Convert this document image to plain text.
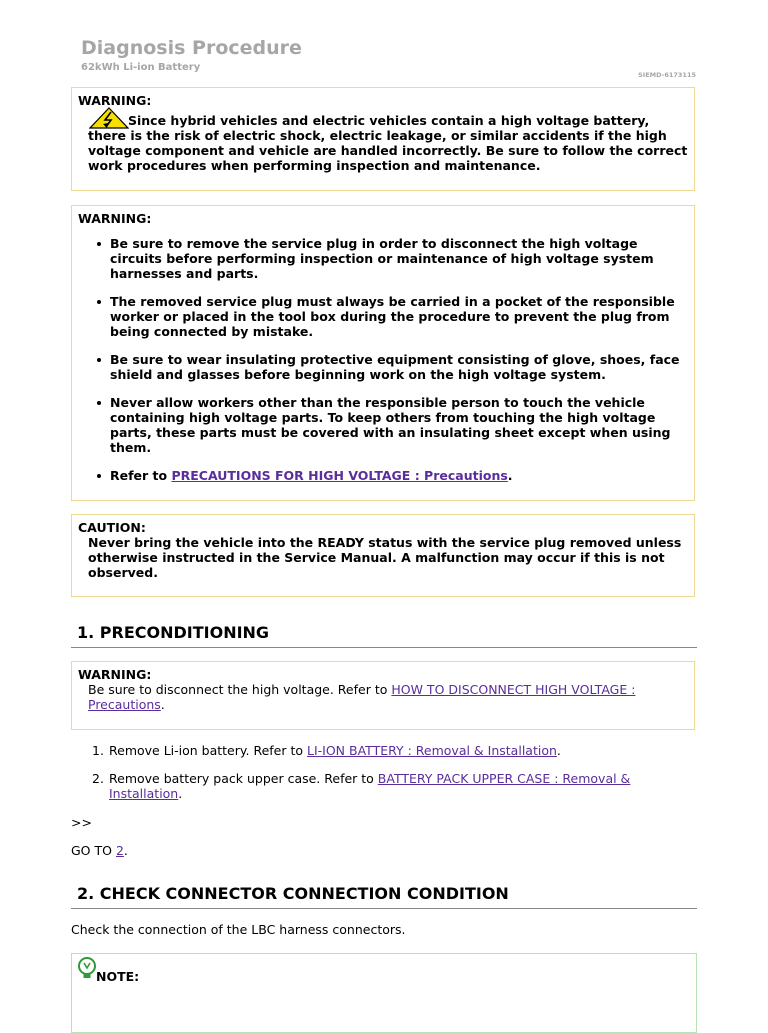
Diagnosis Procedure
62kWh Li-ion Battery
SIEMD-6173115
WARNING:
Since hybrid vehicles and electric vehicles contain a high voltage battery, there is the risk of electric shock, electric leakage, or similar accidents if the high voltage component and vehicle are handled incorrectly. Be sure to follow the correct work procedures when performing inspection and maintenance.
WARNING:
Be sure to remove the service plug in order to disconnect the high voltage circuits before performing inspection or maintenance of high voltage system harnesses and parts.
The removed service plug must always be carried in a pocket of the responsible worker or placed in the tool box during the procedure to prevent the plug from being connected by mistake.
Be sure to wear insulating protective equipment consisting of glove, shoes, face shield and glasses before beginning work on the high voltage system.
Never allow workers other than the responsible person to touch the vehicle containing high voltage parts. To keep others from touching the high voltage parts, these parts must be covered with an insulating sheet except when using them.
Refer to PRECAUTIONS FOR HIGH VOLTAGE : Precautions.
CAUTION:
Never bring the vehicle into the READY status with the service plug removed unless otherwise instructed in the Service Manual. A malfunction may occur if this is not observed.
1. PRECONDITIONING
WARNING:
Be sure to disconnect the high voltage. Refer to HOW TO DISCONNECT HIGH VOLTAGE : Precautions.
1. Remove Li-ion battery. Refer to LI-ION BATTERY : Removal & Installation.
2. Remove battery pack upper case. Refer to BATTERY PACK UPPER CASE : Removal & Installation.
>>
GO TO 2.
2. CHECK CONNECTOR CONNECTION CONDITION
Check the connection of the LBC harness connectors.
NOTE:
